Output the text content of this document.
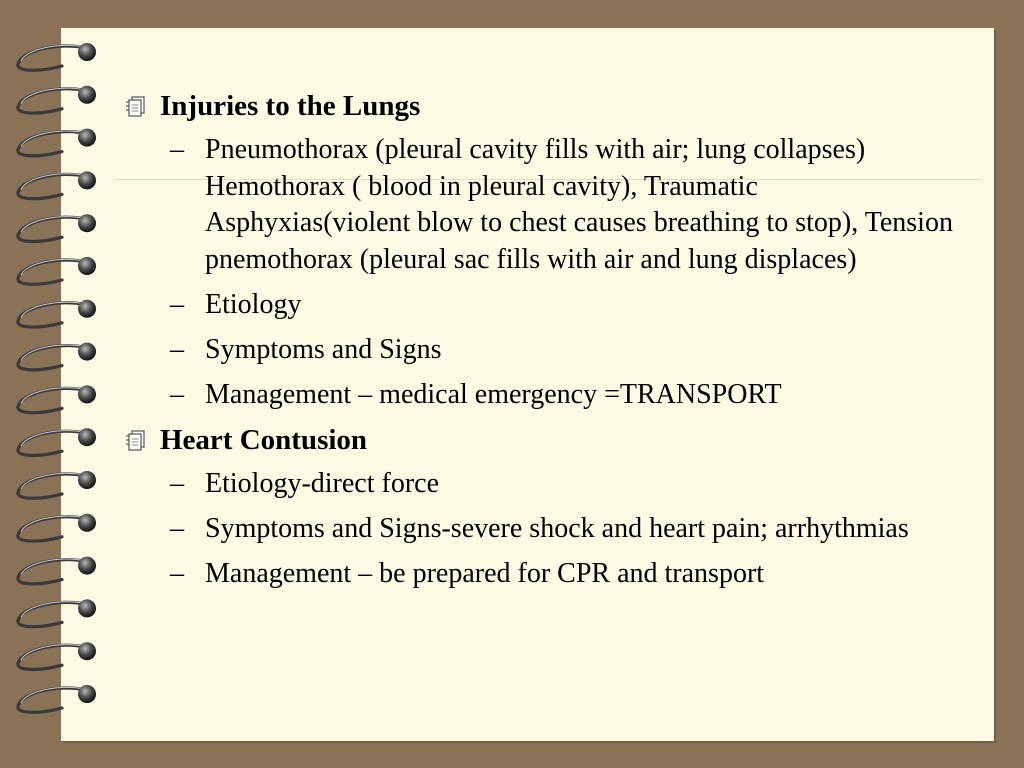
Injuries to the Lungs
– Pneumothorax (pleural cavity fills with air; lung collapses) Hemothorax ( blood in pleural cavity), Traumatic Asphyxias(violent blow to chest causes breathing to stop), Tension pnemothorax (pleural sac fills with air and lung displaces)
– Etiology
– Symptoms and Signs
– Management – medical emergency =TRANSPORT
Heart Contusion
– Etiology-direct force
– Symptoms and Signs-severe shock and heart pain; arrhythmias
– Management – be prepared for CPR and transport
